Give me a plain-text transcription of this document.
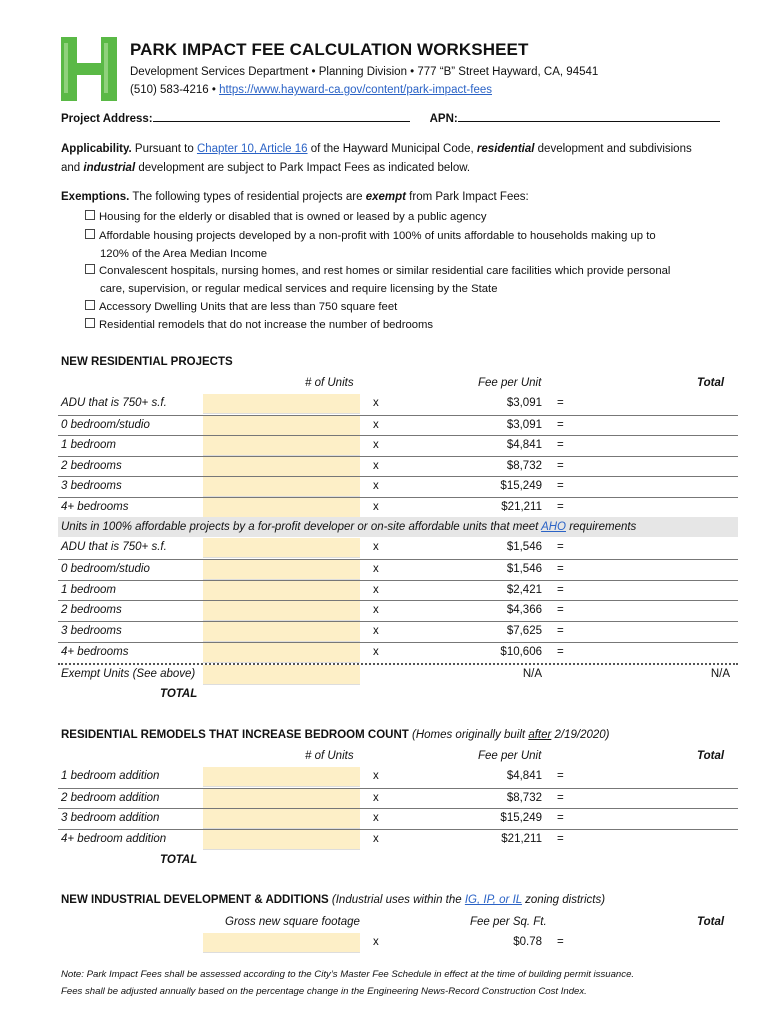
PARK IMPACT FEE CALCULATION WORKSHEET
Development Services Department • Planning Division • 777 “B” Street Hayward, CA, 94541
(510) 583-4216 • https://www.hayward-ca.gov/content/park-impact-fees
Project Address:	APN:
Applicability. Pursuant to Chapter 10, Article 16 of the Hayward Municipal Code, residential development and subdivisions
and industrial development are subject to Park Impact Fees as indicated below.
Exemptions. The following types of residential projects are exempt from Park Impact Fees:
Housing for the elderly or disabled that is owned or leased by a public agency
Affordable housing projects developed by a non-profit with 100% of units affordable to households making up to
120% of the Area Median Income
Convalescent hospitals, nursing homes, and rest homes or similar residential care facilities which provide personal
care, supervision, or regular medical services and require licensing by the State
Accessory Dwelling Units that are less than 750 square feet
Residential remodels that do not increase the number of bedrooms
NEW RESIDENTIAL PROJECTS
# of Units	Fee per Unit	Total
ADU that is 750+ s.f.	x	$3,091 =
0 bedroom/studio	x	$3,091 =
1 bedroom	x	$4,841 =
2 bedrooms	x	$8,732 =
3 bedrooms	x	$15,249 =
4+ bedrooms	x	$21,211 =
Units in 100% affordable projects by a for-profit developer or on-site affordable units that meet AHO requirements
ADU that is 750+ s.f.	x	$1,546 =
0 bedroom/studio	x	$1,546 =
1 bedroom	x	$2,421 =
2 bedrooms	x	$4,366 =
3 bedrooms	x	$7,625 =
4+ bedrooms	x	$10,606 =
Exempt Units (See above)	N/A	N/A
TOTAL
RESIDENTIAL REMODELS THAT INCREASE BEDROOM COUNT (Homes originally built after 2/19/2020)
# of Units	Fee per Unit	Total
1 bedroom addition	x	$4,841 =
2 bedroom addition	x	$8,732 =
3 bedroom addition	x	$15,249 =
4+ bedroom addition	x	$21,211 =
TOTAL
NEW INDUSTRIAL DEVELOPMENT & ADDITIONS (Industrial uses within the IG, IP, or IL zoning districts)
Gross new square footage	Fee per Sq. Ft.	Total
x	$0.78 =
Note: Park Impact Fees shall be assessed according to the City’s Master Fee Schedule in effect at the time of building permit issuance.
Fees shall be adjusted annually based on the percentage change in the Engineering News-Record Construction Cost Index.
